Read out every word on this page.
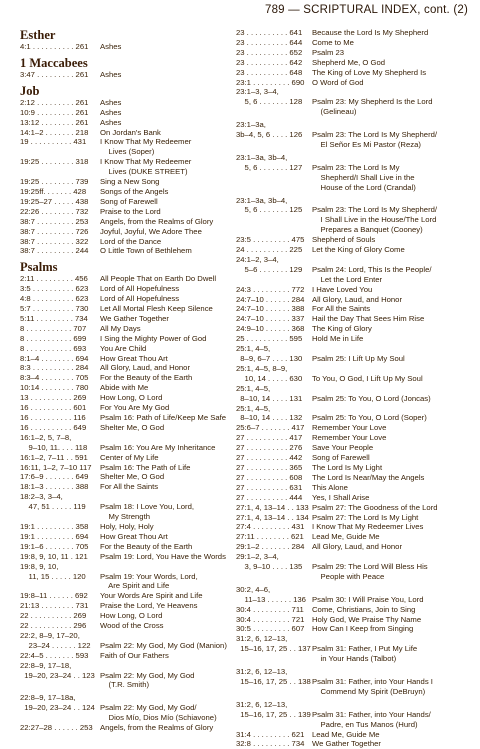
789 — SCRIPTURAL INDEX, cont. (2)
Esther
4:1 . . . . . . . . . . 261	Ashes
1 Maccabees
3:47 . . . . . . . . . 261	Ashes
Job
2:12 . . . . . . . . . 261	Ashes
10:9 . . . . . . . . . 261	Ashes
13:12 . . . . . . . . 261	Ashes
14:1–2 . . . . . . . 218	On Jordan's Bank
19 . . . . . . . . . . 431	I Know That My Redeemer
Lives (Soper)
19:25 . . . . . . . . 318	I Know That My Redeemer
Lives (DUKE STREET)
19:25 . . . . . . . . 739	Sing a New Song
19:25ff. . . . . . . 428	Songs of the Angels
19:25–27 . . . . . 438	Song of Farewell
22:26 . . . . . . . . 732	Praise to the Lord
38:7 . . . . . . . . . 253	Angels, from the Realms of Glory
38:7 . . . . . . . . . 726	Joyful, Joyful, We Adore Thee
38:7 . . . . . . . . . 322	Lord of the Dance
38:7 . . . . . . . . . 244	O Little Town of Bethlehem
Psalms
2:11 . . . . . . . . . 456	All People That on Earth Do Dwell
3:5 . . . . . . . . . . 623	Lord of All Hopefulness
4:8 . . . . . . . . . . 623	Lord of All Hopefulness
5:7 . . . . . . . . . . 730	Let All Mortal Flesh Keep Silence
5:11 . . . . . . . . . 734	We Gather Together
8 . . . . . . . . . . . 707	All My Days
8 . . . . . . . . . . . 699	I Sing the Mighty Power of God
8 . . . . . . . . . . . 693	You Are Child
8:1–4 . . . . . . . . 694	How Great Thou Art
8:3 . . . . . . . . . . 284	All Glory, Laud, and Honor
8:3–4 . . . . . . . . 705	For the Beauty of the Earth
10:14 . . . . . . . . 780	Abide with Me
13 . . . . . . . . . . 269	How Long, O Lord
16 . . . . . . . . . . 601	For You Are My God
16 . . . . . . . . . . 116	Psalm 16: Path of Life/Keep Me Safe
16 . . . . . . . . . . 649	Shelter Me, O God
16:1–2, 5, 7–8,
9–10, 11. . . . 118	Psalm 16: You Are My Inheritance
16:1–2, 7–11 . . 591	Center of My Life
16:11, 1–2, 7–10 117	Psalm 16: The Path of Life
17:6–9 . . . . . . . 649	Shelter Me, O God
18:1–3 . . . . . . . 388	For All the Saints
18:2–3, 3–4,
47, 51 . . . . . 119	Psalm 18: I Love You, Lord,
My Strength
19:1 . . . . . . . . . 358	Holy, Holy, Holy
19:1 . . . . . . . . . 694	How Great Thou Art
19:1–6 . . . . . . . 705	For the Beauty of the Earth
19:8, 9, 10, 11 . 121	Psalm 19: Lord, You Have the Words
19:8, 9, 10,
11, 15 . . . . . 120	Psalm 19: Your Words, Lord,
Are Spirit and Life
19:8–11 . . . . . . 692	Your Words Are Spirit and Life
21:13 . . . . . . . . 731	Praise the Lord, Ye Heavens
22 . . . . . . . . . . 269	How Long, O Lord
22 . . . . . . . . . . 296	Wood of the Cross
22:2, 8–9, 17–20,
23–24 . . . . . . 122	Psalm 22: My God, My God (Manion)
22:4–5 . . . . . . . 593	Faith of Our Fathers
22:8–9, 17–18,
19–20, 23–24 . . 123 Psalm 22: My God, My God
(T.R. Smith)
22:8–9, 17–18a,
19–20, 23–24 . . 124 Psalm 22: My God, My God/
Dios Mío, Dios Mío (Schiavone)
22:27–28 . . . . . . 253 Angels, from the Realms of Glory
23 . . . . . . . . . . 641	Because the Lord Is My Shepherd
23 . . . . . . . . . . 644	Come to Me
23 . . . . . . . . . . 652	Psalm 23
23 . . . . . . . . . . 642	Shepherd Me, O God
23 . . . . . . . . . . 648	The King of Love My Shepherd Is
23:1 . . . . . . . . . 690 O Word of God
23:1–3, 3–4,
5, 6 . . . . . . . 128	Psalm 23: My Shepherd Is the Lord
(Gelineau)
23:1–3a,
3b–4, 5, 6 . . . . 126	Psalm 23: The Lord Is My Shepherd/
El Señor Es Mi Pastor (Reza)
23:1–3a, 3b–4,
5, 6 . . . . . . . 127	Psalm 23: The Lord Is My
Shepherd/I Shall Live in the
House of the Lord (Crandal)
23:1–3a, 3b–4,
5, 6 . . . . . . . 125	Psalm 23: The Lord Is My Shepherd/
I Shall Live in the House/The Lord
Prepares a Banquet (Cooney)
23:5 . . . . . . . . . 475 Shepherd of Souls
24 . . . . . . . . . . 225	Let the King of Glory Come
24:1–2, 3–4,
5–6 . . . . . . . 129	Psalm 24: Lord, This Is the People/
Let the Lord Enter
24:3 . . . . . . . . . 772 I Have Loved You
24:7–10 . . . . . . 284 All Glory, Laud, and Honor
24:7–10 . . . . . . 388 For All the Saints
24:7–10 . . . . . . 337 Hail the Day That Sees Him Rise
24:9–10 . . . . . . 368 The King of Glory
25 . . . . . . . . . . 595	Hold Me in Life
25:1, 4–5,
8–9, 6–7 . . . . 130	Psalm 25: I Lift Up My Soul
25:1, 4–5, 8–9,
10, 14 . . . . . 630	To You, O God, I Lift Up My Soul
25:1, 4–5,
8–10, 14 . . . . 131	Psalm 25: To You, O Lord (Joncas)
25:1, 4–5,
8–10, 14 . . . . 132	Psalm 25: To You, O Lord (Soper)
25:6–7 . . . . . . . 417 Remember Your Love
27 . . . . . . . . . . 417	Remember Your Love
27 . . . . . . . . . . 276	Save Your People
27 . . . . . . . . . . 442	Song of Farewell
27 . . . . . . . . . . 365	The Lord Is My Light
27 . . . . . . . . . . 608	The Lord Is Near/May the Angels
27 . . . . . . . . . . 631	This Alone
27 . . . . . . . . . . 444	Yes, I Shall Arise
27:1, 4, 13–14 . . 133 Psalm 27: The Goodness of the Lord
27:1, 4, 13–14 . . 134 Psalm 27: The Lord Is My Light
27:4 . . . . . . . . . 431 I Know That My Redeemer Lives
27:11 . . . . . . . . 621	Lead Me, Guide Me
29:1–2 . . . . . . . 284 All Glory, Laud, and Honor
29:1–2, 3–4,
3, 9–10 . . . . 135	Psalm 29: The Lord Will Bless His
People with Peace
30:2, 4–6,
11–13 . . . . . . 136 Psalm 30: I Will Praise You, Lord
30:4 . . . . . . . . . 711	Come, Christians, Join to Sing
30:4 . . . . . . . . . 721 Holy God, We Praise Thy Name
30:5 . . . . . . . . . 607 How Can I Keep from Singing
31:2, 6, 12–13,
15–16, 17, 25 . . 137 Psalm 31: Father, I Put My Life
in Your Hands (Talbot)
31:2, 6, 12–13,
15–16, 17, 25 . . 138 Psalm 31: Father, into Your Hands I
Commend My Spirit (DeBruyn)
31:2, 6, 12–13,
15–16, 17, 25 . . 139 Psalm 31: Father, into Your Hands/
Padre, en Tus Manos (Hurd)
31:4 . . . . . . . . . 621 Lead Me, Guide Me
32:8 . . . . . . . . . 734 We Gather Together
